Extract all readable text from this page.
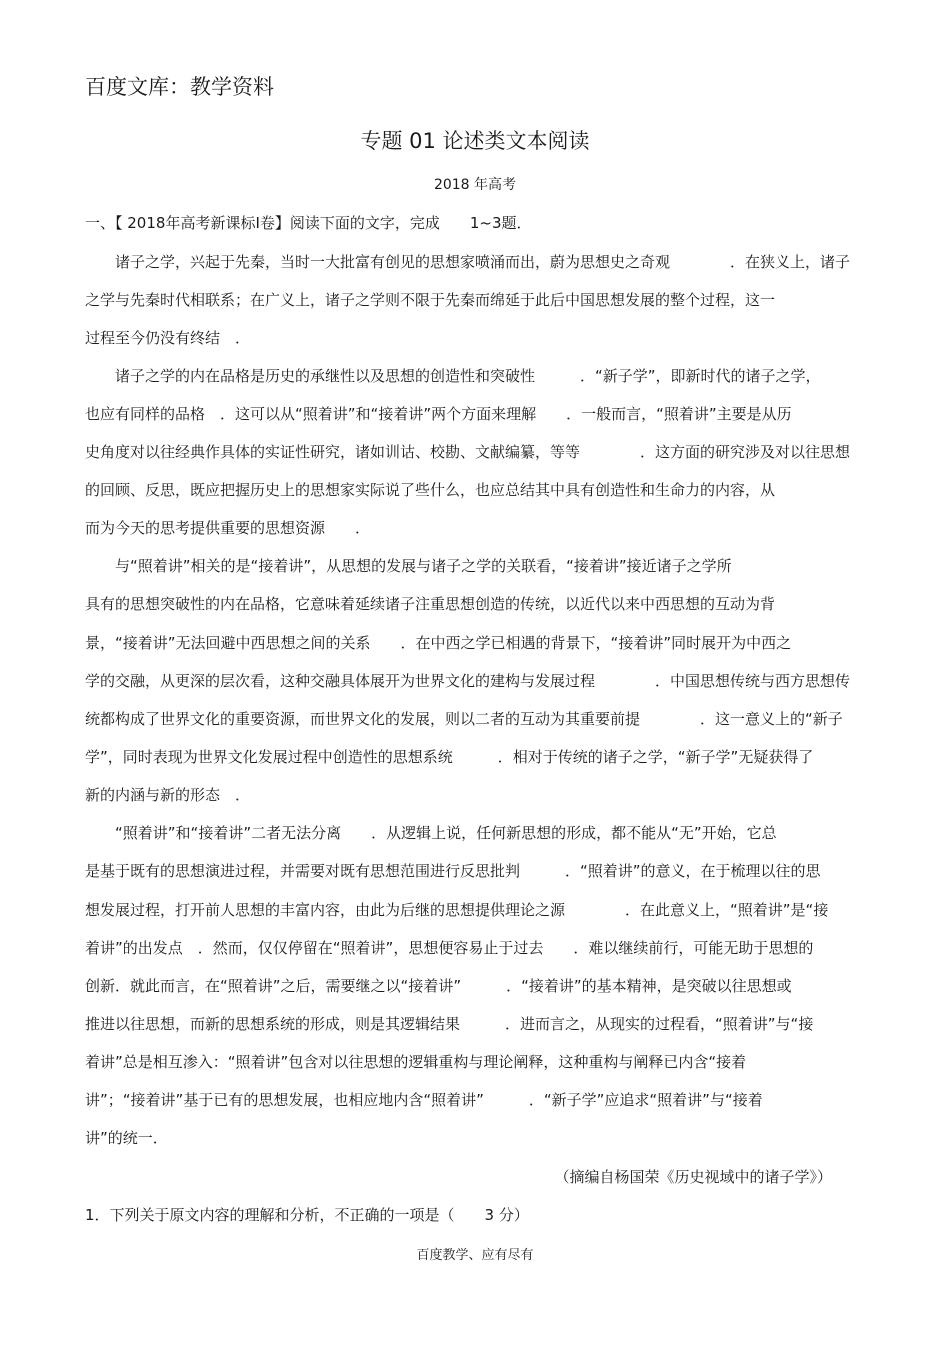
百度文库：教学资料
专题 01 论述类文本阅读
2018 年高考
一、【 2018年高考新课标Ⅰ卷】阅读下面的文字，完成　　1~3题．
　　诸子之学，兴起于先秦，当时一大批富有创见的思想家喷涌而出，蔚为思想史之奇观　　　　．在狭义上，诸子
之学与先秦时代相联系；在广义上，诸子之学则不限于先秦而绵延于此后中国思想发展的整个过程，这一
过程至今仍没有终结　．
　　诸子之学的内在品格是历史的承继性以及思想的创造性和突破性　　　．“新子学”，即新时代的诸子之学，
也应有同样的品格　．这可以从“照着讲”和“接着讲”两个方面来理解　　．一般而言，“照着讲”主要是从历
史角度对以往经典作具体的实证性研究，诸如训诂、校勘、文献编纂，等等　　　　．这方面的研究涉及对以往思想
的回顾、反思，既应把握历史上的思想家实际说了些什么，也应总结其中具有创造性和生命力的内容，从
而为今天的思考提供重要的思想资源　　．
　　与“照着讲”相关的是“接着讲”，从思想的发展与诸子之学的关联看，“接着讲”接近诸子之学所
具有的思想突破性的内在品格，它意味着延续诸子注重思想创造的传统，以近代以来中西思想的互动为背
景，“接着讲”无法回避中西思想之间的关系　　．在中西之学已相遇的背景下，“接着讲”同时展开为中西之
学的交融，从更深的层次看，这种交融具体展开为世界文化的建构与发展过程　　　　．中国思想传统与西方思想传
统都构成了世界文化的重要资源，而世界文化的发展，则以二者的互动为其重要前提　　　　．这一意义上的“新子
学”，同时表现为世界文化发展过程中创造性的思想系统　　　．相对于传统的诸子之学，“新子学”无疑获得了
新的内涵与新的形态　．
　　“照着讲”和“接着讲”二者无法分离　　．从逻辑上说，任何新思想的形成，都不能从“无”开始，它总
是基于既有的思想演进过程，并需要对既有思想范围进行反思批判　　　．“照着讲”的意义，在于梳理以往的思
想发展过程，打开前人思想的丰富内容，由此为后继的思想提供理论之源　　　　．在此意义上，“照着讲”是“接
着讲”的出发点　．然而，仅仅停留在“照着讲”，思想便容易止于过去　　．难以继续前行，可能无助于思想的
创新．就此而言，在“照着讲”之后，需要继之以“接着讲”　　　．“接着讲”的基本精神，是突破以往思想或
推进以往思想，而新的思想系统的形成，则是其逻辑结果　　　．进而言之，从现实的过程看，“照着讲”与“接
着讲”总是相互渗入：“照着讲”包含对以往思想的逻辑重构与理论阐释，这种重构与阐释已内含“接着
讲”；“接着讲”基于已有的思想发展，也相应地内含“照着讲”　　　．“新子学”应追求“照着讲”与“接着
讲”的统一．
（摘编自杨国荣《历史视域中的诸子学》）
1．下列关于原文内容的理解和分析，不正确的一项是（　　3 分）
百度教学、应有尽有
